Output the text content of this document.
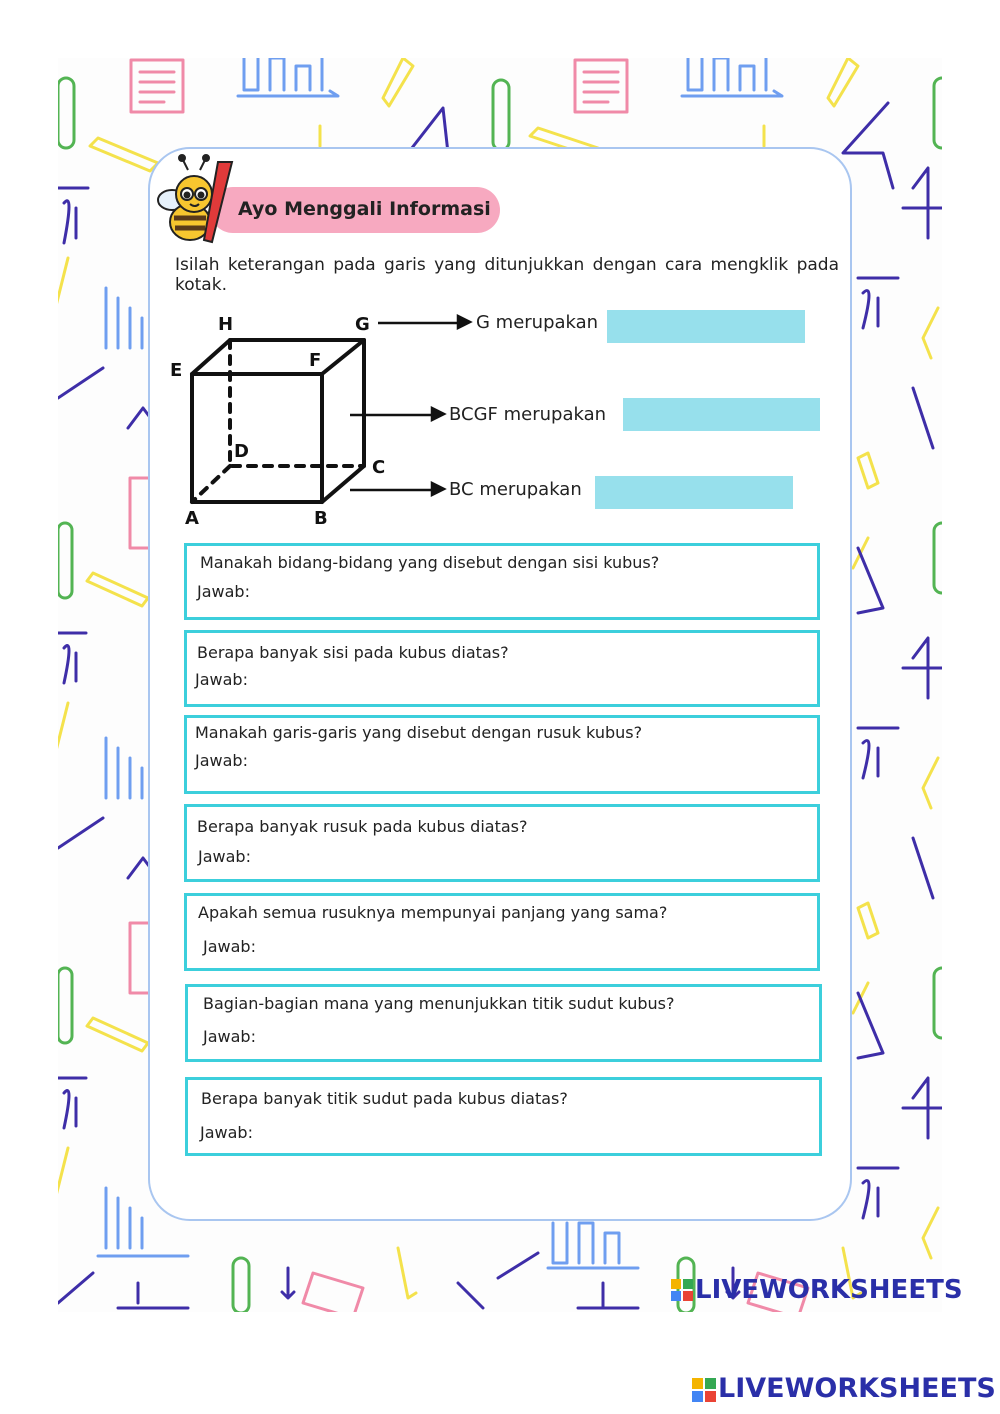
Ayo Menggali Informasi
Isilah keterangan pada garis yang ditunjukkan dengan cara mengklik pada kotak.
A	B
C
D
E	F
G
H	G merupakan
BCGF merupakan
BC merupakan
Manakah bidang-bidang yang disebut dengan sisi kubus?
Jawab:
Berapa banyak sisi pada kubus diatas?
Jawab:
Manakah garis-garis yang disebut dengan rusuk kubus?
Jawab:
Berapa banyak rusuk pada kubus diatas?
Jawab:
Apakah semua rusuknya mempunyai panjang yang sama?
Jawab:
Bagian-bagian mana yang menunjukkan titik sudut kubus?
Jawab:
Berapa banyak titik sudut pada kubus diatas?
Jawab:
LIVEWORKSHEETS
LIVEWORKSHEETS
